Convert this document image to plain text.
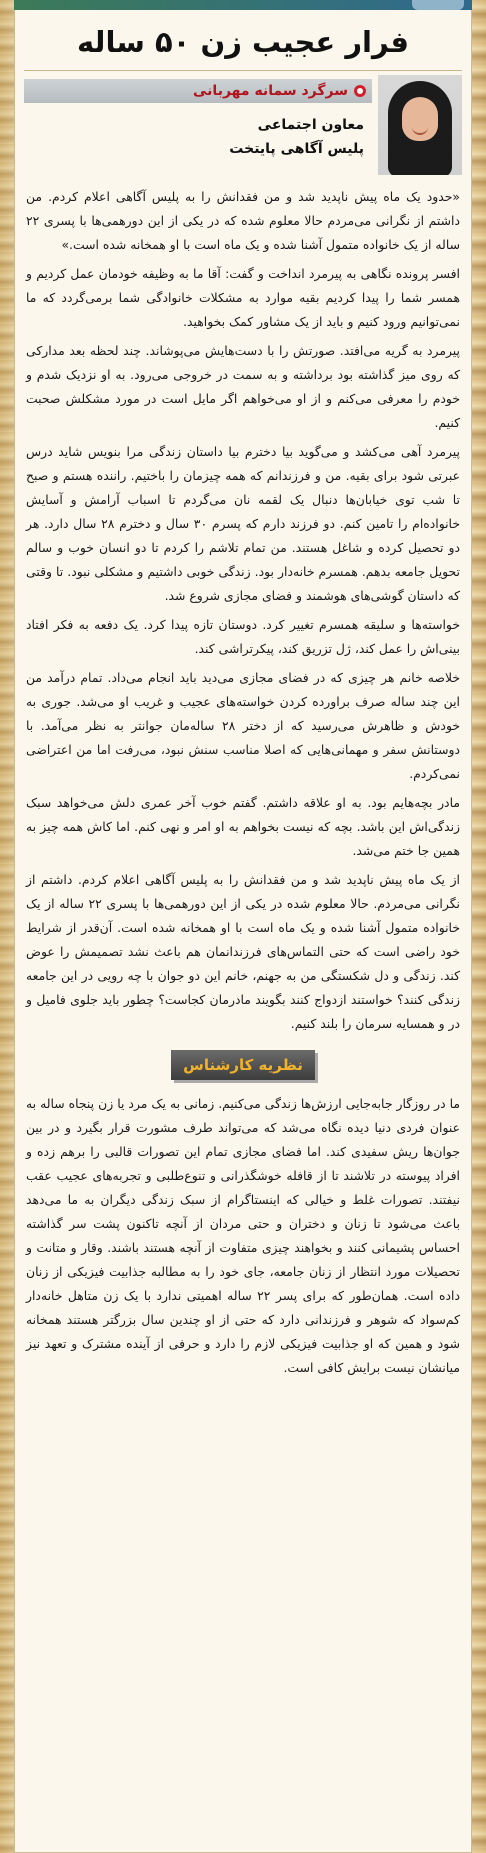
فرار عجیب زن ۵۰ ساله
سرگرد سمانه مهربانی
معاون اجتماعی
پلیس آگاهی پایتخت

«حدود یک ماه پیش ناپدید شد و من فقدانش را به پلیس آگاهی اعلام کردم. من داشتم از نگرانی می‌مردم حالا معلوم شده که در یکی از این دورهمی‌ها با پسری ۲۲ ساله از یک خانواده متمول آشنا شده و یک ماه است با او همخانه شده است.»

افسر پرونده نگاهی به پیرمرد انداخت و گفت: آقا ما به وظیفه خودمان عمل کردیم و همسر شما را پیدا کردیم بقیه موارد به مشکلات خانوادگی شما برمی‌گردد که ما نمی‌توانیم ورود کنیم و باید از یک مشاور کمک بخواهید.

پیرمرد به گریه می‌افتد. صورتش را با دست‌هایش می‌پوشاند. چند لحظه بعد مدارکی که روی میز گذاشته بود برداشته و به سمت در خروجی می‌رود. به او نزدیک شدم و خودم را معرفی می‌کنم و از او می‌خواهم اگر مایل است در مورد مشکلش صحبت کنیم.

پیرمرد آهی می‌کشد و می‌گوید بیا دخترم بیا داستان زندگی مرا بنویس شاید درس عبرتی شود برای بقیه. من و فرزندانم که همه چیزمان را باختیم. راننده هستم و صبح تا شب توی خیابان‌ها دنبال یک لقمه نان می‌گردم تا اسباب آرامش و آسایش خانواده‌ام را تامین کنم. دو فرزند دارم که پسرم ۳۰ سال و دخترم ۲۸ سال دارد. هر دو تحصیل کرده و شاغل هستند. من تمام تلاشم را کردم تا دو انسان خوب و سالم تحویل جامعه بدهم. همسرم خانه‌دار بود. زندگی خوبی داشتیم و مشکلی نبود. تا وقتی که داستان گوشی‌های هوشمند و فضای مجازی شروع شد.

خواسته‌ها و سلیقه همسرم تغییر کرد. دوستان تازه پیدا کرد. یک دفعه به فکر افتاد بینی‌اش را عمل کند، ژل تزریق کند، پیکرتراشی کند.

خلاصه خانم هر چیزی که در فضای مجازی می‌دید باید انجام می‌داد. تمام درآمد من این چند ساله صرف براورده کردن خواسته‌های عجیب و غریب او می‌شد. جوری به خودش و ظاهرش می‌رسید که از دختر ۲۸ ساله‌مان جوانتر به نظر می‌آمد. با دوستانش سفر و مهمانی‌هایی که اصلا مناسب سنش نبود، می‌رفت اما من اعتراضی نمی‌کردم.

مادر بچه‌هایم بود. به او علاقه داشتم. گفتم خوب آخر عمری دلش می‌خواهد سبک زندگی‌اش این باشد. بچه که نیست بخواهم به او امر و نهی کنم. اما کاش همه چیز به همین جا ختم می‌شد.

از یک ماه پیش ناپدید شد و من فقدانش را به پلیس آگاهی اعلام کردم. داشتم از نگرانی می‌مردم. حالا معلوم شده در یکی از این دورهمی‌ها با پسری ۲۲ ساله از یک خانواده متمول آشنا شده و یک ماه است با او همخانه شده است. آن‌قدر از شرایط خود راضی است که حتی التماس‌های فرزندانمان هم باعث نشد تصمیمش را عوض کند. زندگی و دل شکستگی من به جهنم، خانم این دو جوان با چه رویی در این جامعه زندگی کنند؟ خواستند ازدواج کنند بگویند مادرمان کجاست؟ چطور باید جلوی فامیل و در و همسایه سرمان را بلند کنیم.

نظریه کارشناس

ما در روزگار جابه‌جایی ارزش‌ها زندگی می‌کنیم. زمانی به یک مرد یا زن پنجاه ساله به عنوان فردی دنیا دیده نگاه می‌شد که می‌تواند طرف مشورت قرار بگیرد و در بین جوان‌ها ریش سفیدی کند. اما فضای مجازی تمام این تصورات قالبی را برهم زده و افراد پیوسته در تلاشند تا از قافله خوشگذرانی و تنوع‌طلبی و تجربه‌های عجیب عقب نیفتند. تصورات غلط و خیالی که اینستاگرام از سبک زندگی دیگران به ما می‌دهد باعث می‌شود تا زنان و دختران و حتی مردان از آنچه تاکنون پشت سر گذاشته احساس پشیمانی کنند و بخواهند چیزی متفاوت از آنچه هستند باشند. وقار و متانت و تحصیلات مورد انتظار از زنان جامعه، جای خود را به مطالبه جذابیت فیزیکی از زنان داده است. همان‌طور که برای پسر ۲۲ ساله اهمیتی ندارد با یک زن متاهل خانه‌دار کم‌سواد که شوهر و فرزندانی دارد که حتی از او چندین سال بزرگتر هستند همخانه شود و همین که او جذابیت فیزیکی لازم را دارد و حرفی از آینده مشترک و تعهد نیز میانشان نیست برایش کافی است.
